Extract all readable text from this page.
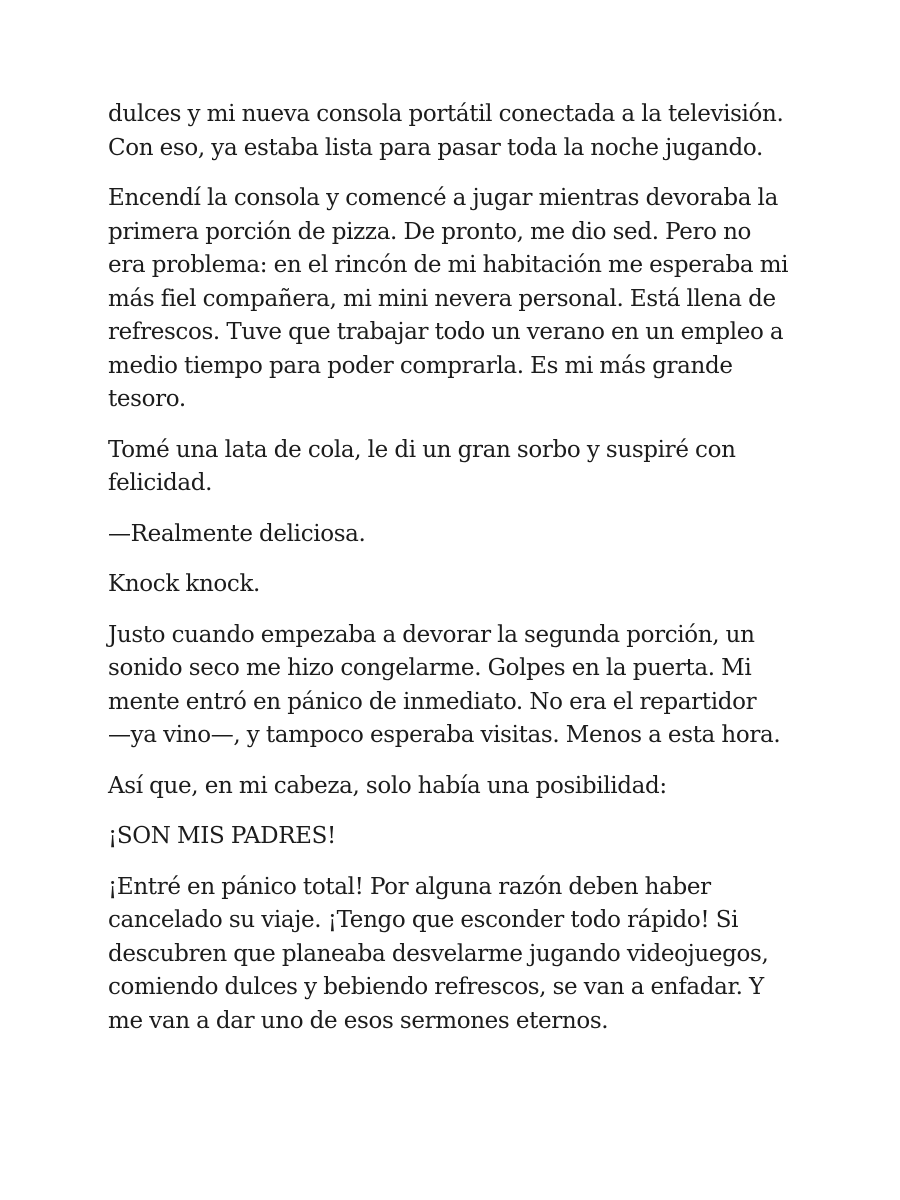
dulces y mi nueva consola portátil conectada a la televisión.
Con eso, ya estaba lista para pasar toda la noche jugando.

Encendí la consola y comencé a jugar mientras devoraba la
primera porción de pizza. De pronto, me dio sed. Pero no
era problema: en el rincón de mi habitación me esperaba mi
más fiel compañera, mi mini nevera personal. Está llena de
refrescos. Tuve que trabajar todo un verano en un empleo a
medio tiempo para poder comprarla. Es mi más grande
tesoro.

Tomé una lata de cola, le di un gran sorbo y suspiré con
felicidad.

—Realmente deliciosa.

Knock knock.

Justo cuando empezaba a devorar la segunda porción, un
sonido seco me hizo congelarme. Golpes en la puerta. Mi
mente entró en pánico de inmediato. No era el repartidor
—ya vino—, y tampoco esperaba visitas. Menos a esta hora.

Así que, en mi cabeza, solo había una posibilidad:

¡SON MIS PADRES!

¡Entré en pánico total! Por alguna razón deben haber
cancelado su viaje. ¡Tengo que esconder todo rápido! Si
descubren que planeaba desvelarme jugando videojuegos,
comiendo dulces y bebiendo refrescos, se van a enfadar. Y
me van a dar uno de esos sermones eternos.
